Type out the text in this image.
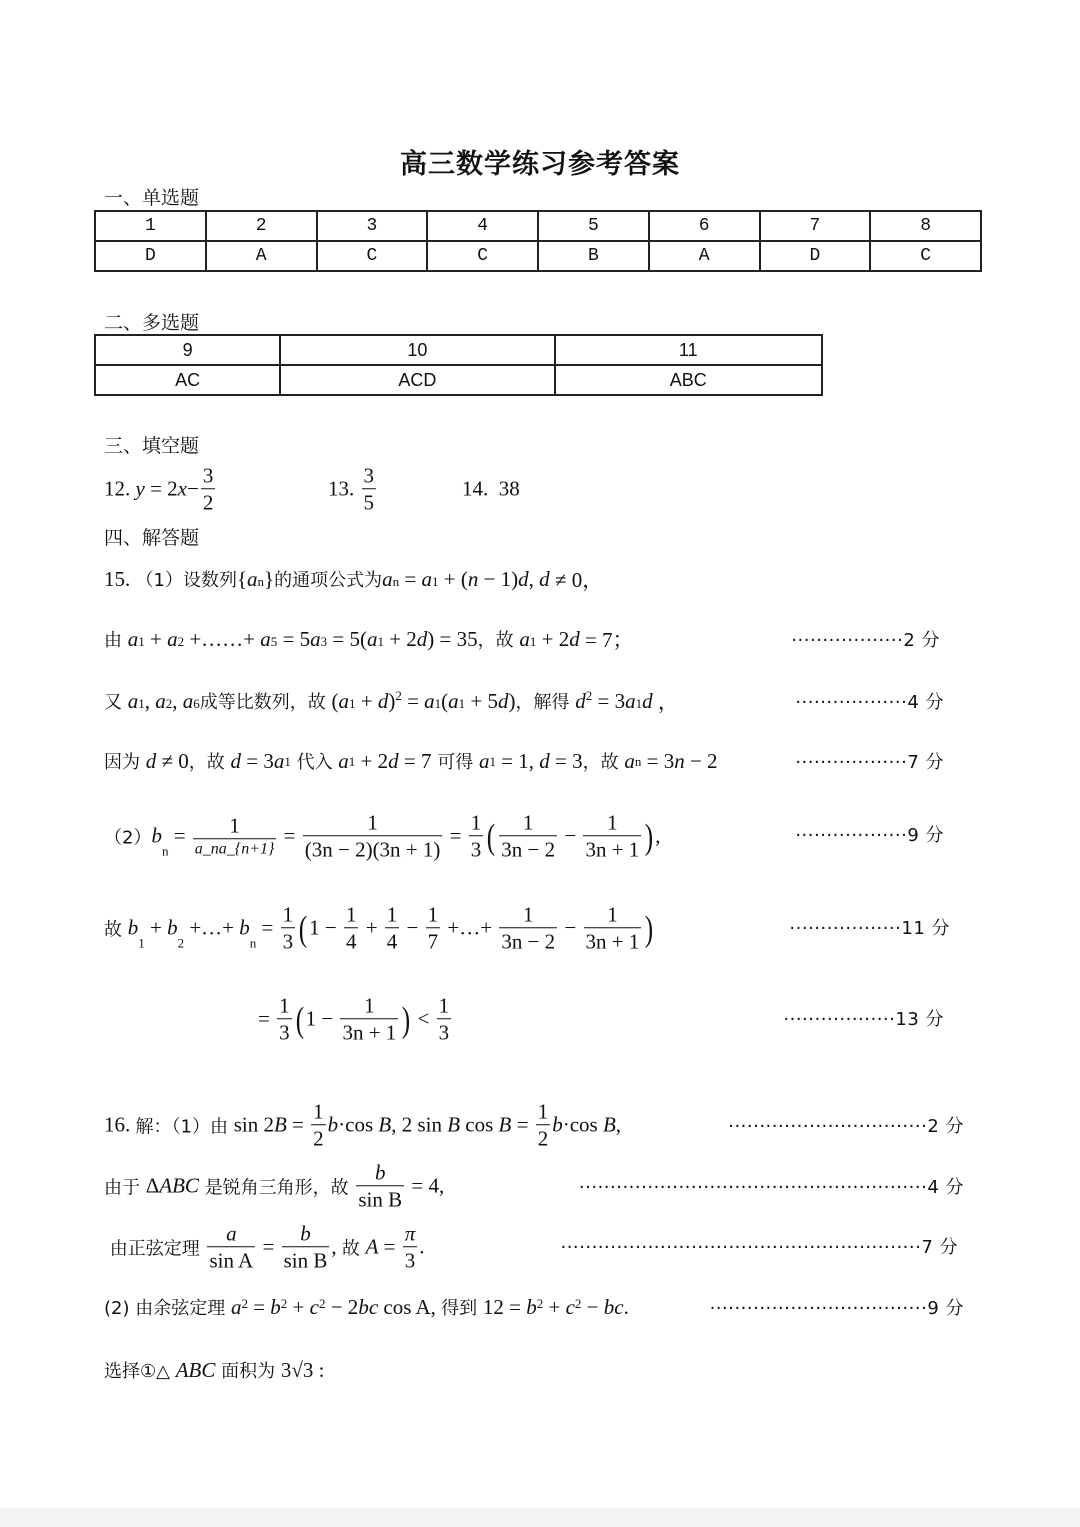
高三数学练习参考答案
一、单选题
1	2	3	4	5	6	7	8
D	A	C	C	B	A	D	C
二、多选题
9	10	11
AC	ACD	ABC
三、填空题
12. y = 2 $x - \frac{3}{2}$	13.
3
5
14.  38
四、解答题
15. （1）设数列 { a n } 的通项公式为 a n = a 1 + ( n − 1) d , d ≠ 0，
由 a 1 + a 2 +……+ a 5 = 5 a 3 = 5( a 1 + 2 d ) = 35 ，故 a 1 + 2 d = 7；	··················2 分
又 a 1 , a 2 , a 6 成等比数列，故 ( a 1 + d ) 2 = a 1 ( a 1 + 5 d ) ，解得 d 2 = 3 a 1 d ，	··················4 分
因为 d ≠ 0 ，故 d = 3 a 1 代入 a 1 + 2 d = 7 可得 a 1 = 1, d = 3 ，故 a n = 3 n − 2	··················7 分
（2） b
n
= 1
a_na_{n+1}
= $\frac{1}{(3n - 2)(3n + 1)} = \frac{1}{3}$ ( 1
3n − 2
− $\frac{1}{3n + 1}$ ) ,	··················9 分
故 b
1
+ b
2
+…+ b
n
= $\frac{1}{3}$ ( $1 - \frac{1}{4} + \frac{1}{4} - \frac{1}{7}$ +…+ $\frac{1}{3n - 2} - \frac{1}{3n + 1}$ )	··················11 分
= $\frac{1}{3}$ ( $1 - \frac{1}{3n + 1}$ ) <
1
3
··················13 分
16. 解：（1）由 sin 2 $B = \frac{1}{2}$ b ·cos B , 2 sin B $\cos B = \frac{1}{2}$ b ·cos B ,	································2 分
由于 Δ ABC 是锐角三角形，故 $\frac{b}{\text{sin B}} = 4$,	························································4 分
由正弦定理 $\frac{a}{\text{sin A}} = \frac{b}{\text{sin B}}$ , 故 $A = \frac{\pi}{3}$ .	··························································7 分
(2) 由余弦定理 a 2 = b 2 + c 2 − 2 bc cos A, 得到 12 = b 2 + c 2 − bc .	···································9 分
选择①△ ABC 面积为 3√3 :
